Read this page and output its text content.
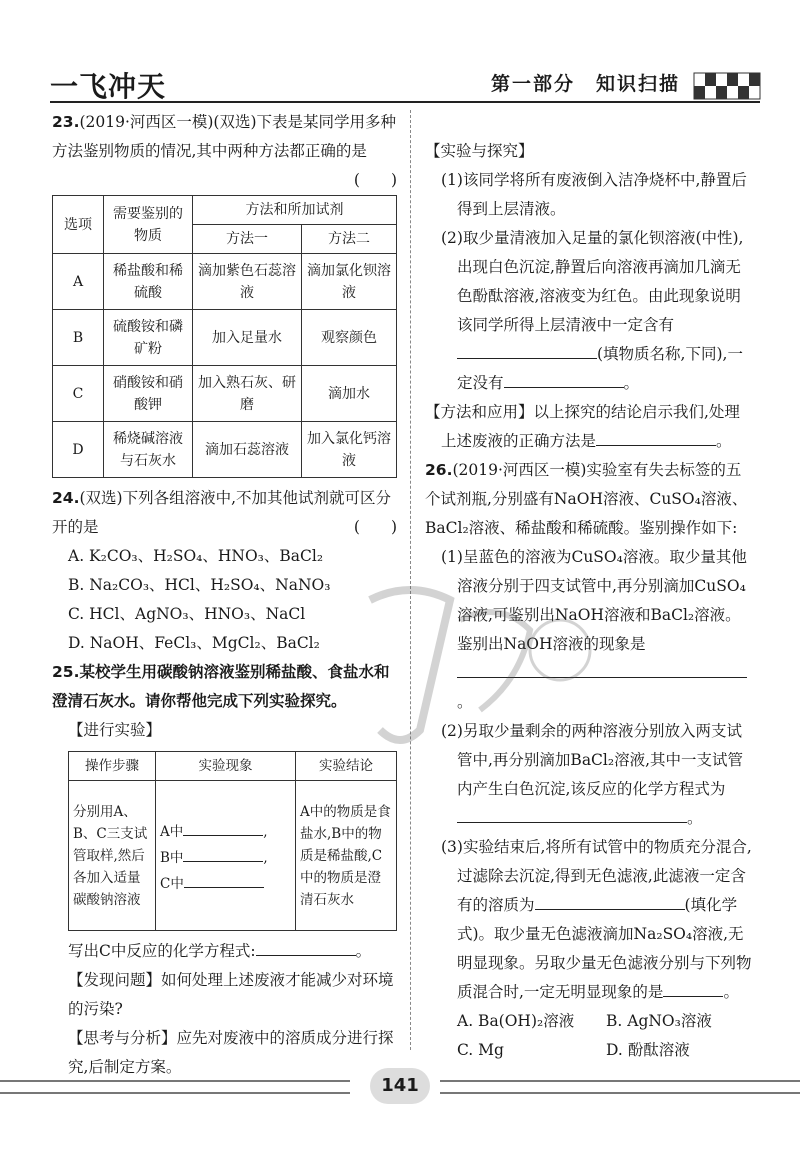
一飞冲天	第一部分　知识扫描

23.(2019·河西区一模)(双选)下表是某同学用多种方法鉴别物质的情况,其中两种方法都正确的是
(　　)

选项	需要鉴别的物质	方法和所加试剂	
		方法一	方法二
A	稀盐酸和稀硫酸	滴加紫色石蕊溶液	滴加氯化钡溶液
B	硫酸铵和磷矿粉	加入足量水	观察颜色
C	硝酸铵和硝酸钾	加入熟石灰、研磨	滴加水
D	稀烧碱溶液与石灰水	滴加石蕊溶液	加入氯化钙溶液

24.(双选)下列各组溶液中,不加其他试剂就可区分开的是	(　　)

A. K₂CO₃、H₂SO₄、HNO₃、BaCl₂

B. Na₂CO₃、HCl、H₂SO₄、NaNO₃

C. HCl、AgNO₃、HNO₃、NaCl

D. NaOH、FeCl₃、MgCl₂、BaCl₂

25.某校学生用碳酸钠溶液鉴别稀盐酸、食盐水和澄清石灰水。请你帮他完成下列实验探究。

【进行实验】

操作步骤	实验现象	实验结论
分别用A、B、C三支试管取样,然后各加入适量碳酸钠溶液	A中 ,
B中 ,
C中	A中的物质是食盐水,B中的物质是稀盐酸,C中的物质是澄清石灰水

写出C中反应的化学方程式:	。

【发现问题】如何处理上述废液才能减少对环境的污染?

【思考与分析】应先对废液中的溶质成分进行探究,后制定方案。

【实验与探究】

(1)该同学将所有废液倒入洁净烧杯中,静置后得到上层清液。

(2)取少量清液加入足量的氯化钡溶液(中性),出现白色沉淀,静置后向溶液再滴加几滴无色酚酞溶液,溶液变为红色。由此现象说明该同学所得上层清液中一定含有(填物质名称,下同),一定没有	。

【方法和应用】以上探究的结论启示我们,处理上述废液的正确方法是	。

26.(2019·河西区一模)实验室有失去标签的五个试剂瓶,分别盛有NaOH溶液、CuSO₄溶液、BaCl₂溶液、稀盐酸和稀硫酸。鉴别操作如下:

(1)呈蓝色的溶液为CuSO₄溶液。取少量其他溶液分别于四支试管中,再分别滴加CuSO₄溶液,可鉴别出NaOH溶液和BaCl₂溶液。鉴别出NaOH溶液的现象是
。

(2)另取少量剩余的两种溶液分别放入两支试管中,再分别滴加BaCl₂溶液,其中一支试管内产生白色沉淀,该反应的化学方程式为。

(3)实验结束后,将所有试管中的物质充分混合,过滤除去沉淀,得到无色滤液,此滤液一定含有的溶质为	(填化学式)。取少量无色滤液滴加Na₂SO₄溶液,无明显现象。另取少量无色滤液分别与下列物质混合时,一定无明显现象的是	。

A. Ba(OH)₂溶液	B. AgNO₃溶液
C. Mg	D. 酚酞溶液
141
